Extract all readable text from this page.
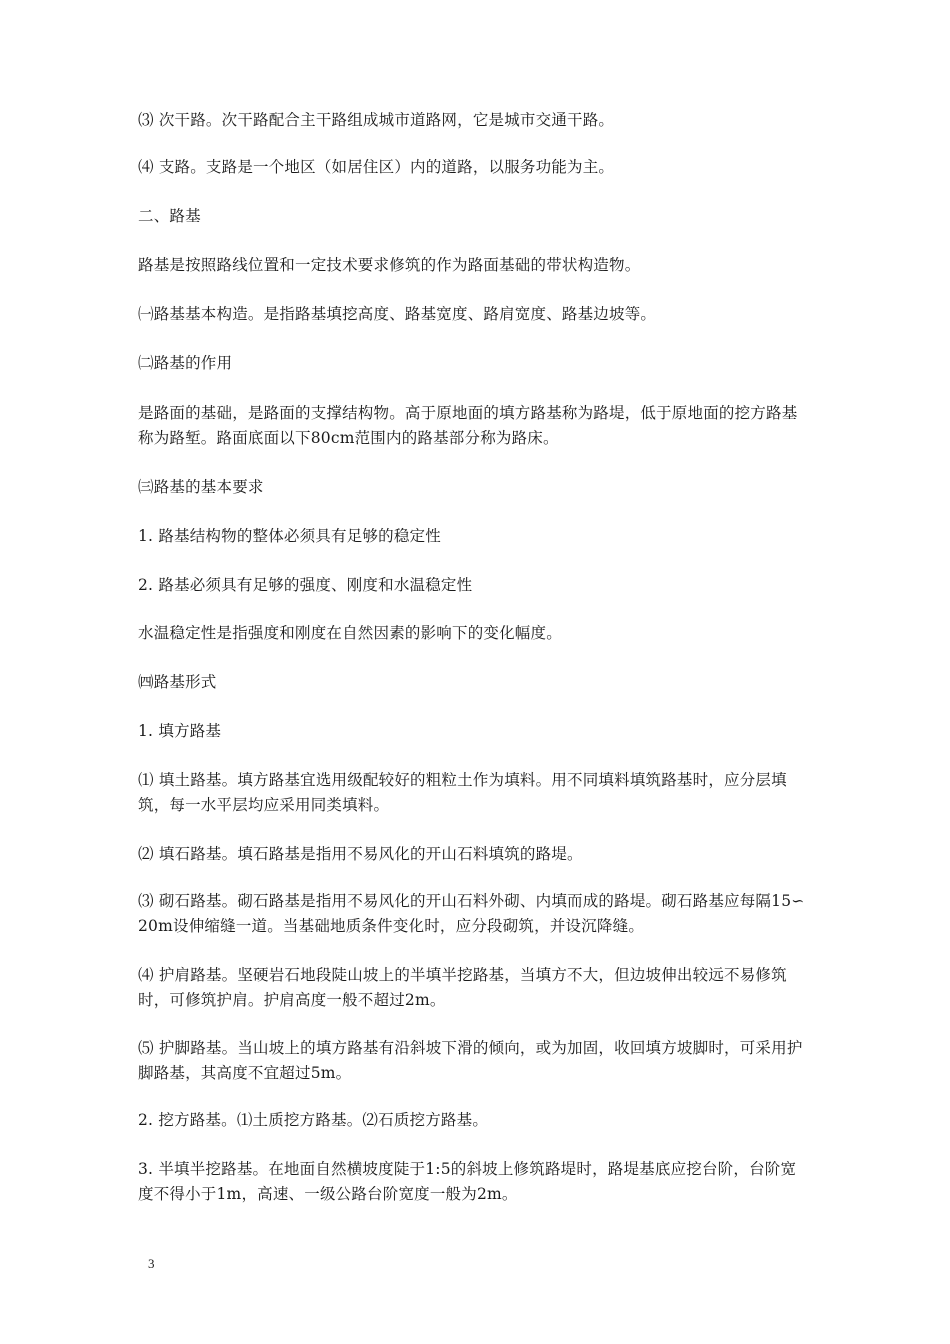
⑶ 次干路。次干路配合主干路组成城市道路网，它是城市交通干路。

⑷ 支路。支路是一个地区（如居住区）内的道路，以服务功能为主。

二、路基

路基是按照路线位置和一定技术要求修筑的作为路面基础的带状构造物。

㈠路基基本构造。是指路基填挖高度、路基宽度、路肩宽度、路基边坡等。

㈡路基的作用

是路面的基础，是路面的支撑结构物。高于原地面的填方路基称为路堤，低于原地面的挖方路基称为路堑。路面底面以下80cm范围内的路基部分称为路床。

㈢路基的基本要求

1. 路基结构物的整体必须具有足够的稳定性

2. 路基必须具有足够的强度、刚度和水温稳定性

水温稳定性是指强度和刚度在自然因素的影响下的变化幅度。

㈣路基形式

1. 填方路基

⑴ 填土路基。填方路基宜选用级配较好的粗粒土作为填料。用不同填料填筑路基时，应分层填筑，每一水平层均应采用同类填料。

⑵ 填石路基。填石路基是指用不易风化的开山石料填筑的路堤。

⑶ 砌石路基。砌石路基是指用不易风化的开山石料外砌、内填而成的路堤。砌石路基应每隔15∽20m设伸缩缝一道。当基础地质条件变化时，应分段砌筑，并设沉降缝。

⑷ 护肩路基。坚硬岩石地段陡山坡上的半填半挖路基，当填方不大，但边坡伸出较远不易修筑时，可修筑护肩。护肩高度一般不超过2m。

⑸ 护脚路基。当山坡上的填方路基有沿斜坡下滑的倾向，或为加固，收回填方坡脚时，可采用护脚路基，其高度不宜超过5m。

2. 挖方路基。⑴土质挖方路基。⑵石质挖方路基。

3. 半填半挖路基。在地面自然横坡度陡于1:5的斜坡上修筑路堤时，路堤基底应挖台阶，台阶宽度不得小于1m，高速、一级公路台阶宽度一般为2m。

3
